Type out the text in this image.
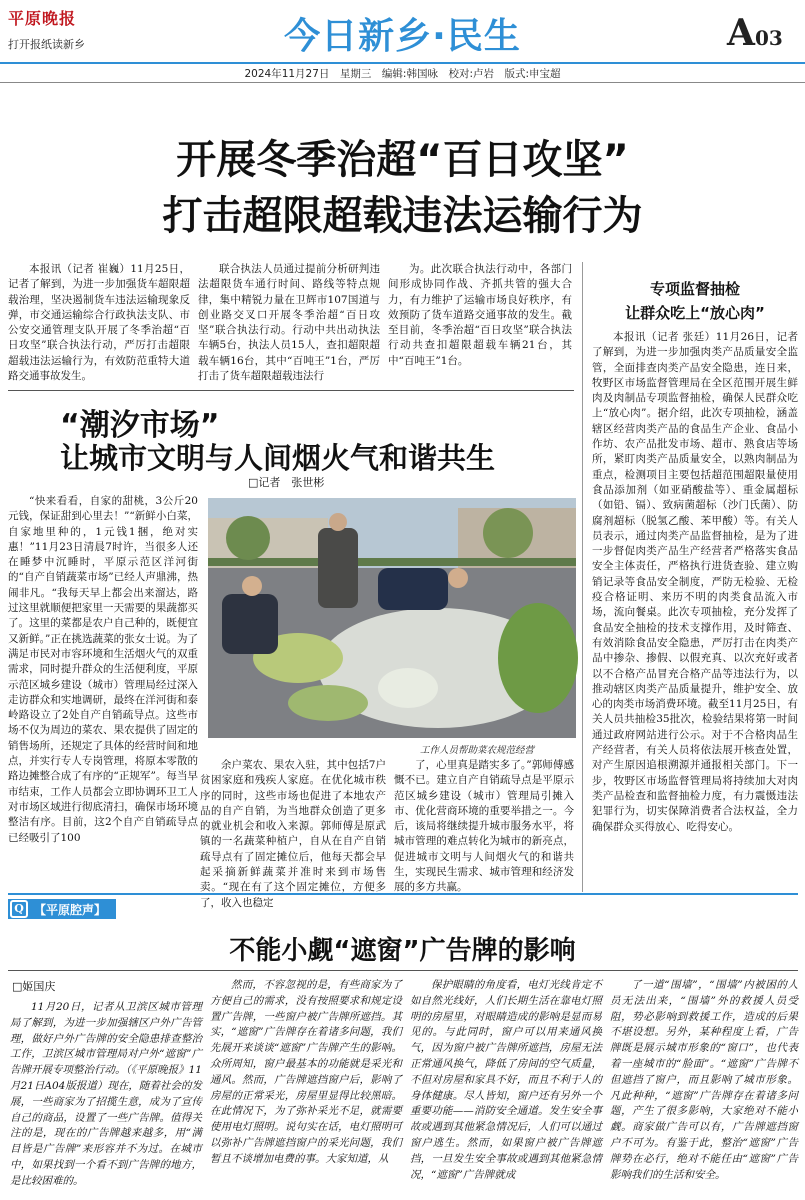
平原晚报
打开报纸读新乡	今日新乡·民生	A03
2024年11月27日　星期三　编辑:韩国咏　校对:卢岩　版式:申宝超
开展冬季治超“百日攻坚”
打击超限超载违法运输行为

本报讯（记者 崔巍）11月25日，记者了解到，为进一步加强货车超限超载治理，坚决遏制货车违法运输现象反弹，市交通运输综合行政执法支队、市公安交通管理支队开展了冬季治超“百日攻坚”联合执法行动，严厉打击超限超载违法运输行为，有效防范重特大道路交通事故发生。

联合执法人员通过提前分析研判违法超限货车通行时间、路线等特点规律，集中精锐力量在卫辉市107国道与创业路交叉口开展冬季治超“百日攻坚”联合执法行动。行动中共出动执法车辆5台，执法人员15人，查扣超限超载车辆16台，其中“百吨王”1台，严厉打击了货车超限超载违法行

为。此次联合执法行动中，各部门间形成协同作战、齐抓共管的强大合力，有力维护了运输市场良好秩序，有效预防了货车道路交通事故的发生。截至目前，冬季治超“百日攻坚”联合执法行动共查扣超限超载车辆21台，其中“百吨王”1台。

“潮汐市场”
让城市文明与人间烟火气和谐共生
□记者　张世彬

“快来看看，自家的甜桃，3公斤20元钱，保证甜到心里去！”“新鲜小白菜，自家地里种的，1元钱1捆，绝对实惠！”11月23日清晨7时许，当很多人还在睡梦中沉睡时，平原示范区洋河街的“自产自销蔬菜市场”已经人声鼎沸，热闹非凡。“我每天早上都会出来溜达，路过这里就顺便把家里一天需要的果蔬都买了。这里的菜都是农户自己种的，既便宜又新鲜。”正在挑选蔬菜的张女士说。为了满足市民对市容环境和生活烟火气的双重需求，同时提升群众的生活便利度，平原示范区城乡建设（城市）管理局经过深入走访群众和实地调研，最终在洋河街和泰岭路设立了2处自产自销疏导点。这些市场不仅为周边的菜农、果农提供了固定的销售场所，还规定了具体的经营时间和地点，并实行专人专岗管理，将原本零散的路边摊整合成了有序的“正规军”。每当早市结束，工作人员都会立即协调环卫工人对市场区域进行彻底清扫，确保市场环境整洁有序。目前，这2个自产自销疏导点已经吸引了100

工作人员帮助菜农规范经营

余户菜农、果农入驻，其中包括7户贫困家庭和残疾人家庭。在优化城市秩序的同时，这些市场也促进了本地农产品的自产自销，为当地群众创造了更多的就业机会和收入来源。郭师傅是原武镇的一名蔬菜种植户，自从在自产自销疏导点有了固定摊位后，他每天都会早起采摘新鲜蔬菜并准时来到市场售卖。“现在有了这个固定摊位，方便多了，收入也稳定

了，心里真是踏实多了。”郭师傅感慨不已。建立自产自销疏导点是平原示范区城乡建设（城市）管理局引摊入市、优化营商环境的重要举措之一。今后，该局将继续提升城市服务水平，将城市管理的难点转化为城市的新亮点，促进城市文明与人间烟火气的和谐共生，实现民生需求、城市管理和经济发展的多方共赢。

专项监督抽检
让群众吃上“放心肉”

本报讯（记者 张廷）11月26日，记者了解到，为进一步加强肉类产品质量安全监管，全面排查肉类产品安全隐患，连日来，牧野区市场监督管理局在全区范围开展生鲜肉及肉制品专项监督抽检，确保人民群众吃上“放心肉”。据介绍，此次专项抽检，涵盖辖区经营肉类产品的食品生产企业、食品小作坊、农产品批发市场、超市、熟食店等场所，紧盯肉类产品质量安全，以熟肉制品为重点，检测项目主要包括超范围超限量使用食品添加剂（如亚硝酸盐等）、重金属超标（如铅、镉）、致病菌超标（沙门氏菌）、防腐剂超标（脱氢乙酸、苯甲酸）等。有关人员表示，通过肉类产品监督抽检，是为了进一步督促肉类产品生产经营者严格落实食品安全主体责任，严格执行进货查验、建立购销记录等食品安全制度，严防无检验、无检疫合格证明、来历不明的肉类食品流入市场，流向餐桌。此次专项抽检，充分发挥了食品安全抽检的技术支撑作用，及时筛查、有效消除食品安全隐患，严厉打击在肉类产品中掺杂、掺假、以假充真、以次充好或者以不合格产品冒充合格产品等违法行为，以推动辖区肉类产品质量提升，维护安全、放心的肉类市场消费环境。截至11月25日，有关人员共抽检35批次，检验结果将第一时间通过政府网站进行公示。对于不合格肉品生产经营者，有关人员将依法展开核查处置，对产生原因追根溯源并通报相关部门。下一步，牧野区市场监督管理局将持续加大对肉类产品检查和监督抽检力度，有力震慑违法犯罪行为，切实保障消费者合法权益，全力确保群众买得放心、吃得安心。

【平原腔声】
Q
不能小觑“遮窗”广告牌的影响
□姬国庆

11月20日，记者从卫滨区城市管理局了解到，为进一步加强辖区户外广告管理，做好户外广告牌的安全隐患排查整治工作，卫滨区城市管理局对户外“遮窗”广告牌开展专项整治行动。（《平原晚报》11月21日A04版报道）现在，随着社会的发展，一些商家为了招揽生意，成为了宣传自己的商品，设置了一些广告牌。值得关注的是，现在的广告牌越来越多，用“满目皆是广告牌”来形容并不为过。在城市中，如果找到一个看不到广告牌的地方，是比较困难的。

然而，不容忽视的是，有些商家为了方便自己的需求，没有按照要求和规定设置广告牌，一些窗户被广告牌所遮挡。其实，“遮窗”广告牌存在着诸多问题，我们先展开来谈谈“遮窗”广告牌产生的影响。众所周知，窗户最基本的功能就是采光和通风。然而，广告牌遮挡窗户后，影响了房屋的正常采光，房屋里显得比较黑暗。在此情况下，为了弥补采光不足，就需要使用电灯照明。说句实在话，电灯照明可以弥补广告牌遮挡窗户的采光问题，我们暂且不谈增加电费的事。大家知道，从

保护眼睛的角度看，电灯光线肯定不如自然光线好，人们长期生活在靠电灯照明的房屋里，对眼睛造成的影响是显而易见的。与此同时，窗户可以用来通风换气，因为窗户被广告牌所遮挡，房屋无法正常通风换气，降低了房间的空气质量，不但对房屋和家具不好，而且不利于人的身体健康。尽人皆知，窗户还有另外一个重要功能——消防安全通道。发生安全事故或遇到其他紧急情况后，人们可以通过窗户逃生。然而，如果窗户被广告牌遮挡，一旦发生安全事故或遇到其他紧急情况，“遮窗”广告牌就成

了一道“围墙”，“围墙”内被困的人员无法出来，“围墙”外的救援人员受阻，势必影响到救援工作，造成的后果不堪设想。另外，某种程度上看，广告牌既是展示城市形象的“窗口”，也代表着一座城市的“脸面”。“遮窗”广告牌不但遮挡了窗户，而且影响了城市形象。凡此种种，“遮窗”广告牌存在着诸多问题，产生了很多影响，大家绝对不能小觑。商家做广告可以有，广告牌遮挡窗户不可为。有鉴于此，整治“遮窗”广告牌势在必行，绝对不能任由“遮窗”广告影响我们的生活和安全。
